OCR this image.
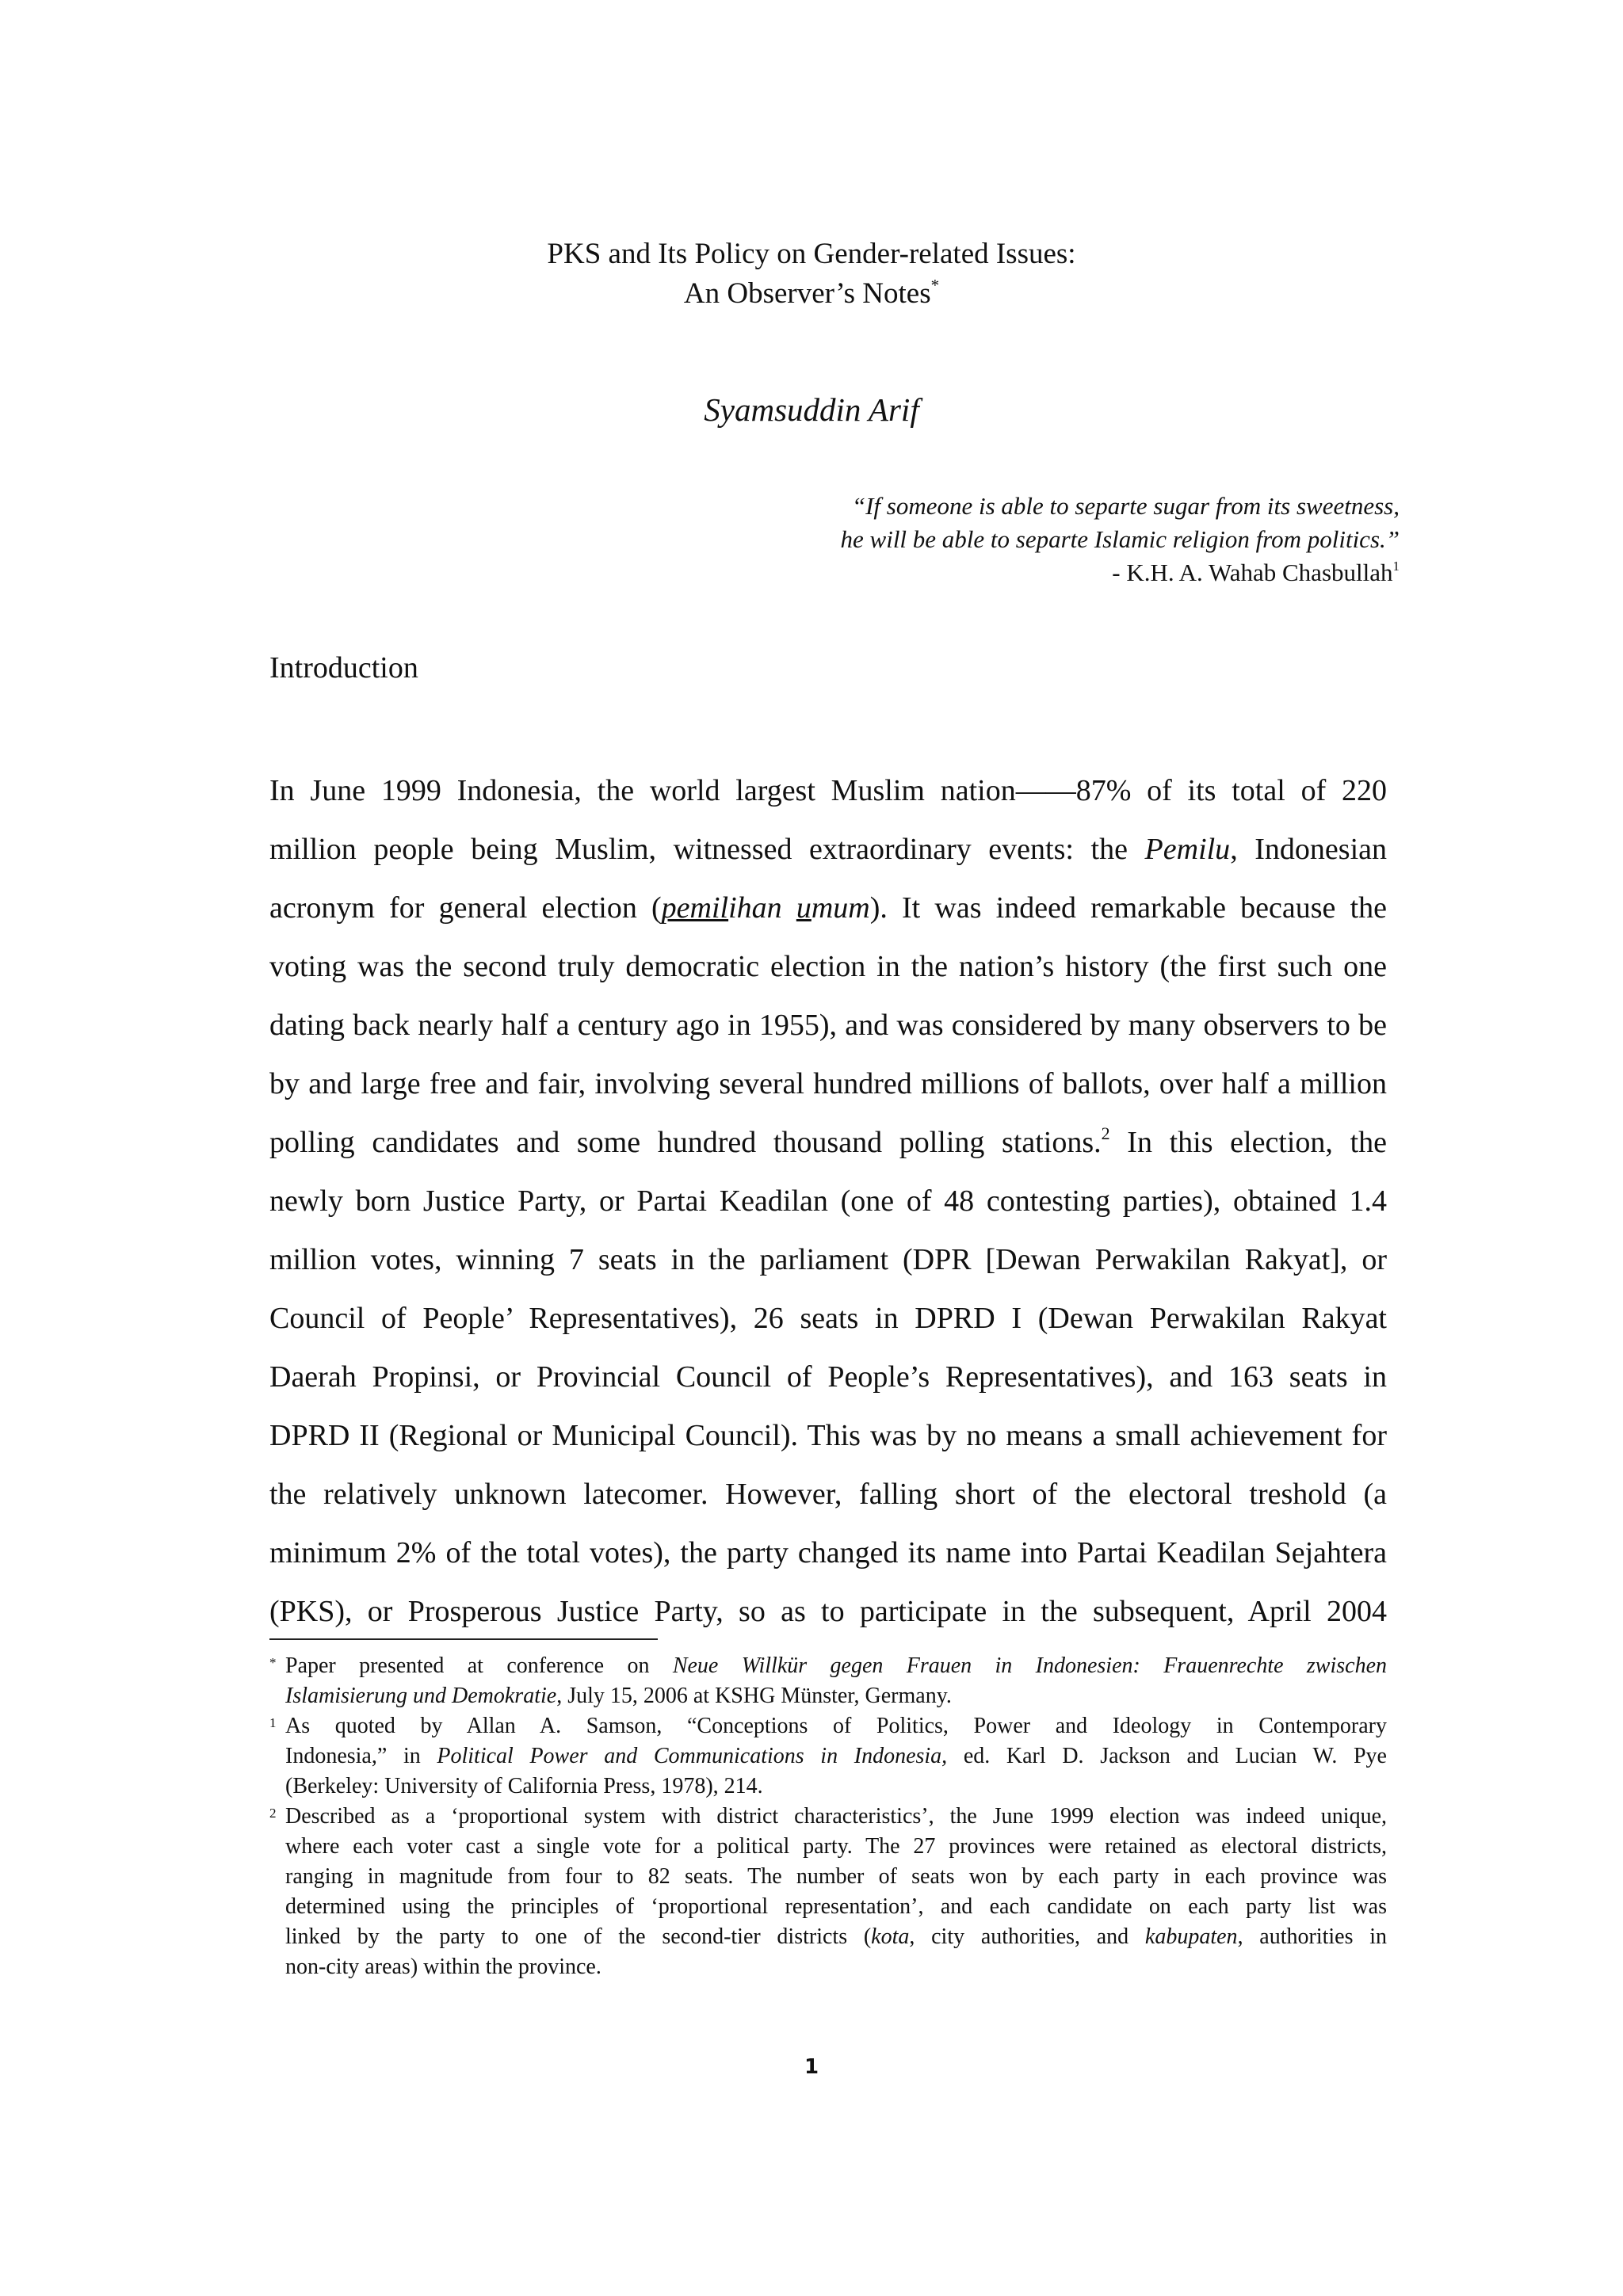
PKS and Its Policy on Gender-related Issues:
An Observer’s Notes*
Syamsuddin Arif
“If someone is able to separte sugar from its sweetness,
he will be able to separte Islamic religion from politics.”
- K.H. A. Wahab Chasbullah$^1$
Introduction
In June 1999 Indonesia, the world largest Muslim nation——87% of its total of 220
million people being Muslim, witnessed extraordinary events: the Pemilu, Indonesian
acronym for general election (pemilihan umum). It was indeed remarkable because the
voting was the second truly democratic election in the nation’s history (the first such one
dating back nearly half a century ago in 1955), and was considered by many observers to be
by and large free and fair, involving several hundred millions of ballots, over half a million
polling candidates and some hundred thousand polling stations.$^2$ In this election, the
newly born Justice Party, or Partai Keadilan (one of 48 contesting parties), obtained 1.4
million votes, winning 7 seats in the parliament (DPR [Dewan Perwakilan Rakyat], or
Council of People’ Representatives), 26 seats in DPRD I (Dewan Perwakilan Rakyat
Daerah Propinsi, or Provincial Council of People’s Representatives), and 163 seats in
DPRD II (Regional or Municipal Council). This was by no means a small achievement for
the relatively unknown latecomer. However, falling short of the electoral treshold (a
minimum 2% of the total votes), the party changed its name into Partai Keadilan Sejahtera
(PKS), or Prosperous Justice Party, so as to participate in the subsequent, April 2004
* Paper presented at conference on Neue Willkür gegen Frauen in Indonesien: Frauenrechte zwischen
Islamisierung und Demokratie, July 15, 2006 at KSHG Münster, Germany.
1 As quoted by Allan A. Samson, “Conceptions of Politics, Power and Ideology in Contemporary
Indonesia,” in Political Power and Communications in Indonesia, ed. Karl D. Jackson and Lucian W. Pye
(Berkeley: University of California Press, 1978), 214.
2 Described as a ‘proportional system with district characteristics’, the June 1999 election was indeed unique,
where each voter cast a single vote for a political party. The 27 provinces were retained as electoral districts,
ranging in magnitude from four to 82 seats. The number of seats won by each party in each province was
determined using the principles of ‘proportional representation’, and each candidate on each party list was
linked by the party to one of the second-tier districts (kota, city authorities, and kabupaten, authorities in
non-city areas) within the province.
1
